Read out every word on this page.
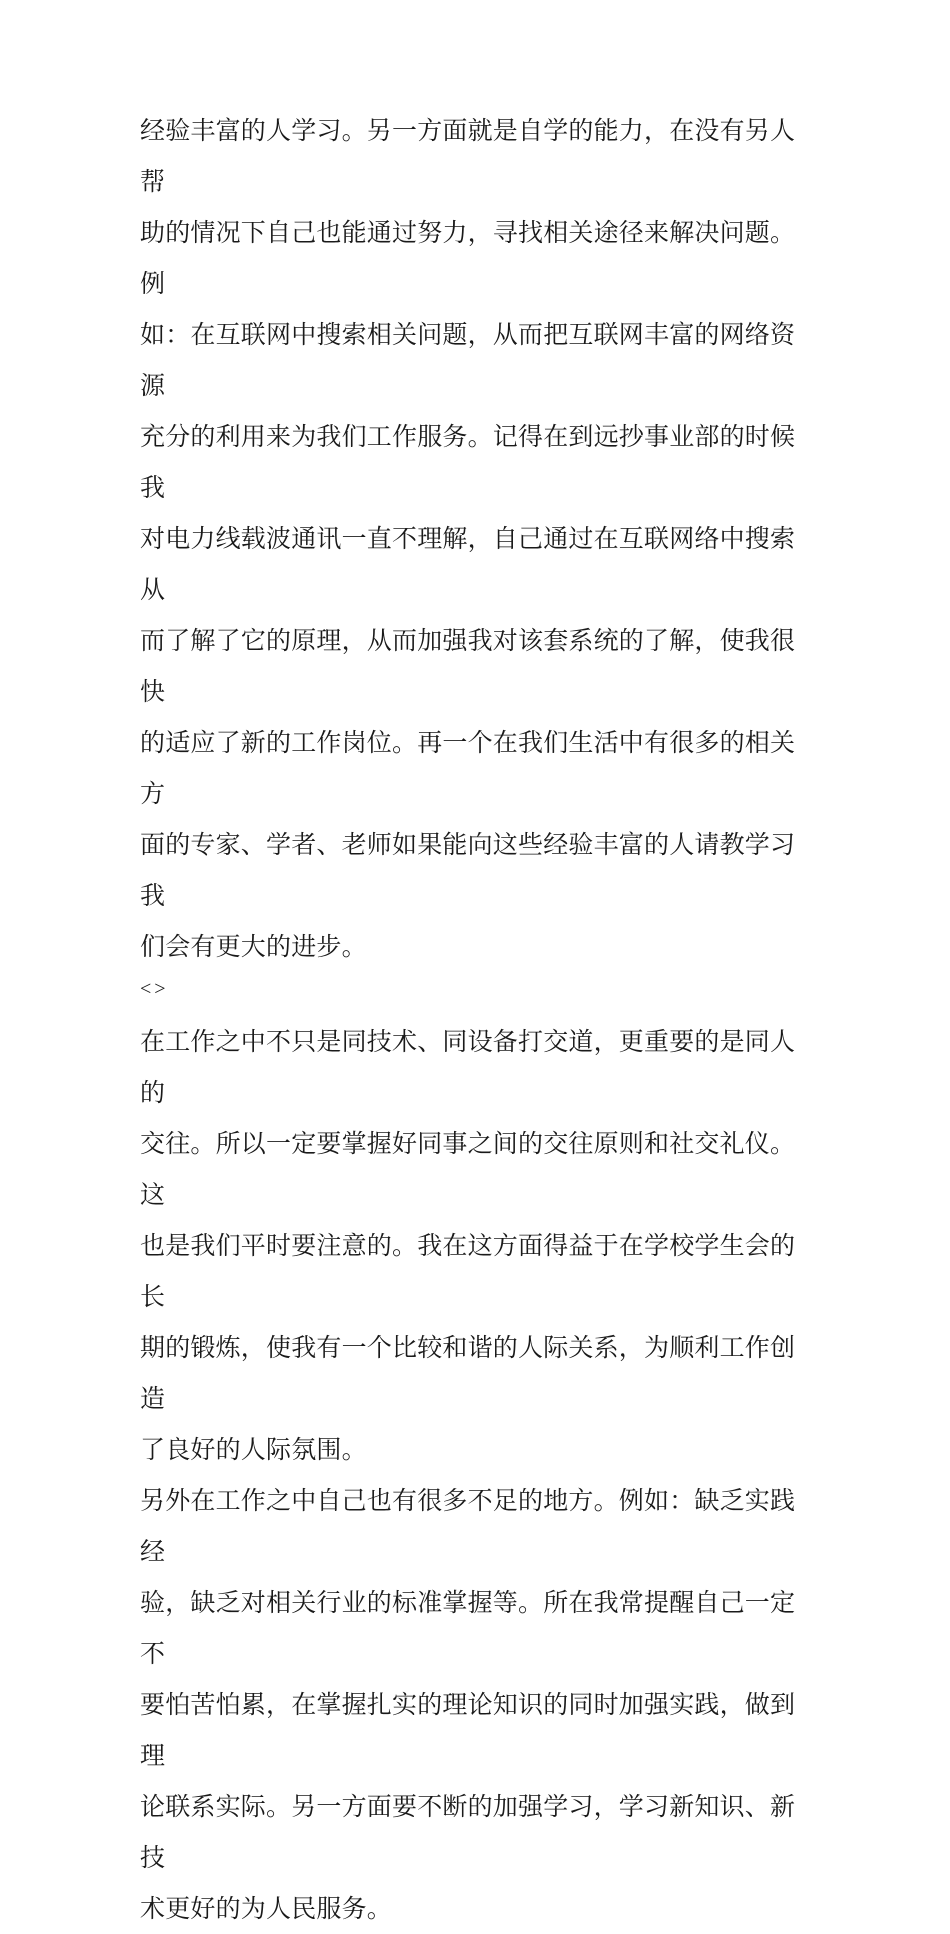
经验丰富的人学习。另一方面就是自学的能力，在没有另人帮
助的情况下自己也能通过努力，寻找相关途径来解决问题。例
如：在互联网中搜索相关问题，从而把互联网丰富的网络资源
充分的利用来为我们工作服务。记得在到远抄事业部的时候我
对电力线载波通讯一直不理解，自己通过在互联网络中搜索从
而了解了它的原理，从而加强我对该套系统的了解，使我很快
的适应了新的工作岗位。再一个在我们生活中有很多的相关方
面的专家、学者、老师如果能向这些经验丰富的人请教学习我
们会有更大的进步。

<>

在工作之中不只是同技术、同设备打交道，更重要的是同人的
交往。所以一定要掌握好同事之间的交往原则和社交礼仪。这
也是我们平时要注意的。我在这方面得益于在学校学生会的长
期的锻炼，使我有一个比较和谐的人际关系，为顺利工作创造
了良好的人际氛围。

另外在工作之中自己也有很多不足的地方。例如：缺乏实践经
验，缺乏对相关行业的标准掌握等。所在我常提醒自己一定不
要怕苦怕累，在掌握扎实的理论知识的同时加强实践，做到理
论联系实际。另一方面要不断的加强学习，学习新知识、新技
术更好的为人民服务。
